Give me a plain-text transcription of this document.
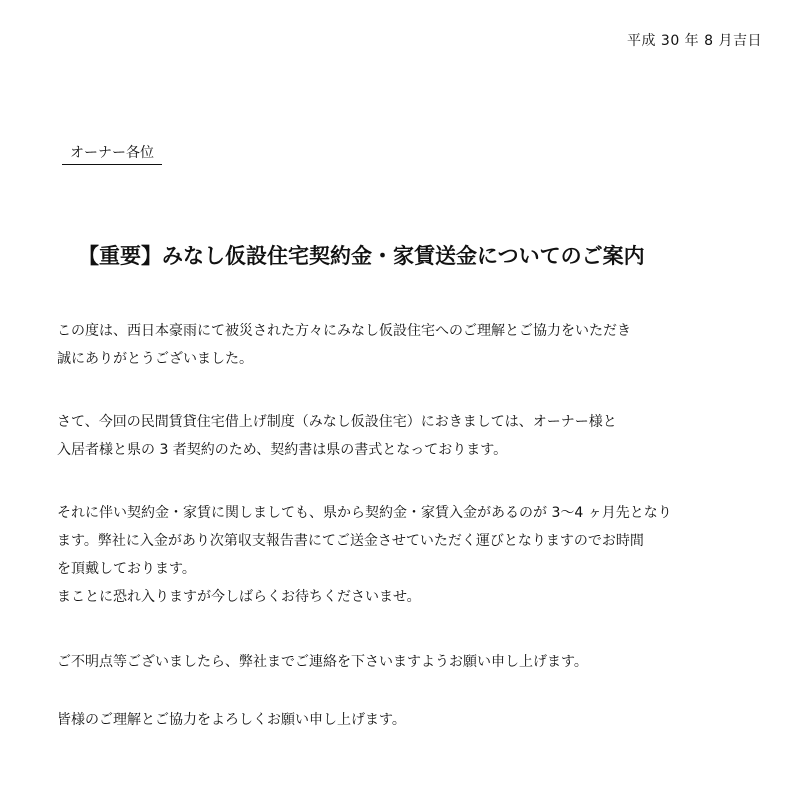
平成 30 年 8 月吉日
オーナー各位
【重要】みなし仮設住宅契約金・家賃送金についてのご案内

この度は、西日本豪雨にて被災された方々にみなし仮設住宅へのご理解とご協力をいただき
誠にありがとうございました。

さて、今回の民間賃貸住宅借上げ制度（みなし仮設住宅）におきましては、オーナー様と
入居者様と県の 3 者契約のため、契約書は県の書式となっております。

それに伴い契約金・家賃に関しましても、県から契約金・家賃入金があるのが 3～4 ヶ月先となり
ます。弊社に入金があり次第収支報告書にてご送金させていただく運びとなりますのでお時間
を頂戴しております。
まことに恐れ入りますが今しばらくお待ちくださいませ。

ご不明点等ございましたら、弊社までご連絡を下さいますようお願い申し上げます。

皆様のご理解とご協力をよろしくお願い申し上げます。
